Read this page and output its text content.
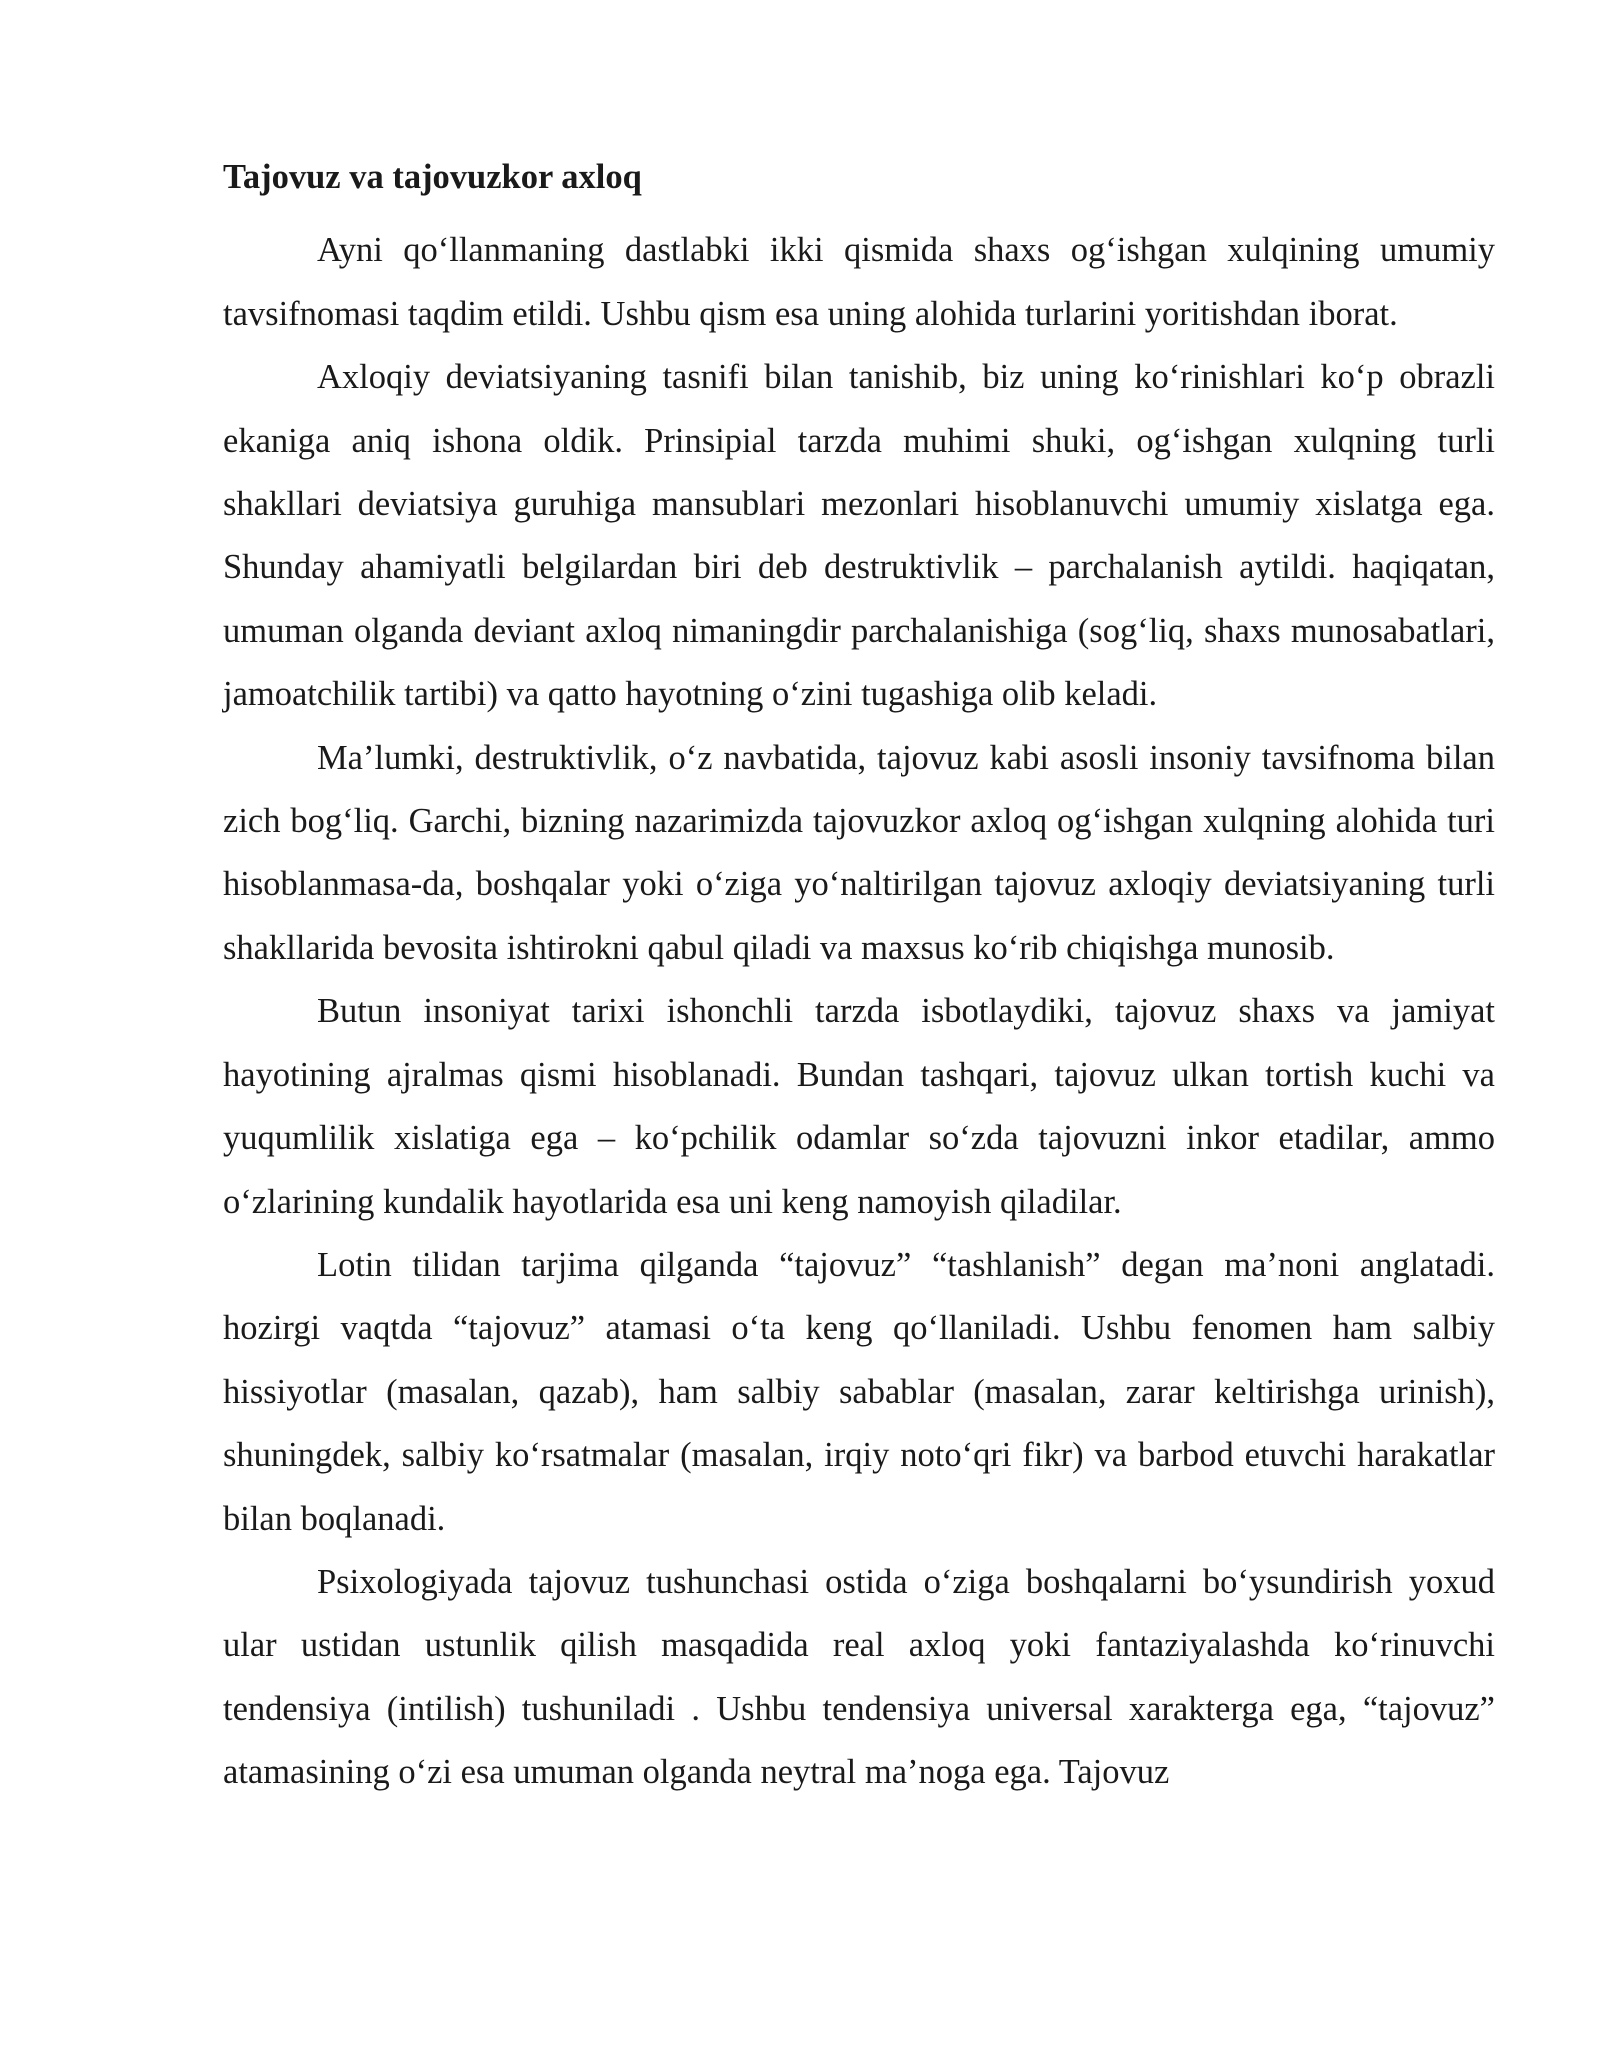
Tajovuz va tajovuzkor axloq

Ayni qo‘llanmaning dastlabki ikki qismida shaxs og‘ishgan xulqining umumiy tavsifnomasi taqdim etildi. Ushbu qism esa uning alohida turlarini yoritishdan iborat.

Axloqiy deviatsiyaning tasnifi bilan tanishib, biz uning ko‘rinishlari ko‘p obrazli ekaniga aniq ishona oldik. Prinsipial tarzda muhimi shuki, og‘ishgan xulqning turli shakllari deviatsiya guruhiga mansublari mezonlari hisoblanuvchi umumiy xislatga ega. Shunday ahamiyatli belgilardan biri deb destruktivlik – parchalanish aytildi. haqiqatan, umuman olganda deviant axloq nimaningdir parchalanishiga (sog‘liq, shaxs munosabatlari, jamoatchilik tartibi) va qatto hayotning o‘zini tugashiga olib keladi.

Ma’lumki, destruktivlik, o‘z navbatida, tajovuz kabi asosli insoniy tavsifnoma bilan zich bog‘liq. Garchi, bizning nazarimizda tajovuzkor axloq og‘ishgan xulqning alohida turi hisoblanmasa-da, boshqalar yoki o‘ziga yo‘naltirilgan tajovuz axloqiy deviatsiyaning turli shakllarida bevosita ishtirokni qabul qiladi va maxsus ko‘rib chiqishga munosib.

Butun insoniyat tarixi ishonchli tarzda isbotlaydiki, tajovuz shaxs va jamiyat hayotining ajralmas qismi hisoblanadi. Bundan tashqari, tajovuz ulkan tortish kuchi va yuqumlilik xislatiga ega – ko‘pchilik odamlar so‘zda tajovuzni inkor etadilar, ammo o‘zlarining kundalik hayotlarida esa uni keng namoyish qiladilar.

Lotin tilidan tarjima qilganda “tajovuz” “tashlanish” degan ma’noni anglatadi. hozirgi vaqtda “tajovuz” atamasi o‘ta keng qo‘llaniladi. Ushbu fenomen ham salbiy hissiyotlar (masalan, qazab), ham salbiy sabablar (masalan, zarar keltirishga urinish), shuningdek, salbiy ko‘rsatmalar (masalan, irqiy noto‘qri fikr) va barbod etuvchi harakatlar bilan boqlanadi.

Psixologiyada tajovuz tushunchasi ostida o‘ziga boshqalarni bo‘ysundirish yoxud ular ustidan ustunlik qilish masqadida real axloq yoki fantaziyalashda ko‘rinuvchi tendensiya (intilish) tushuniladi . Ushbu tendensiya universal xarakterga ega, “tajovuz” atamasining o‘zi esa umuman olganda neytral ma’noga ega. Tajovuz
